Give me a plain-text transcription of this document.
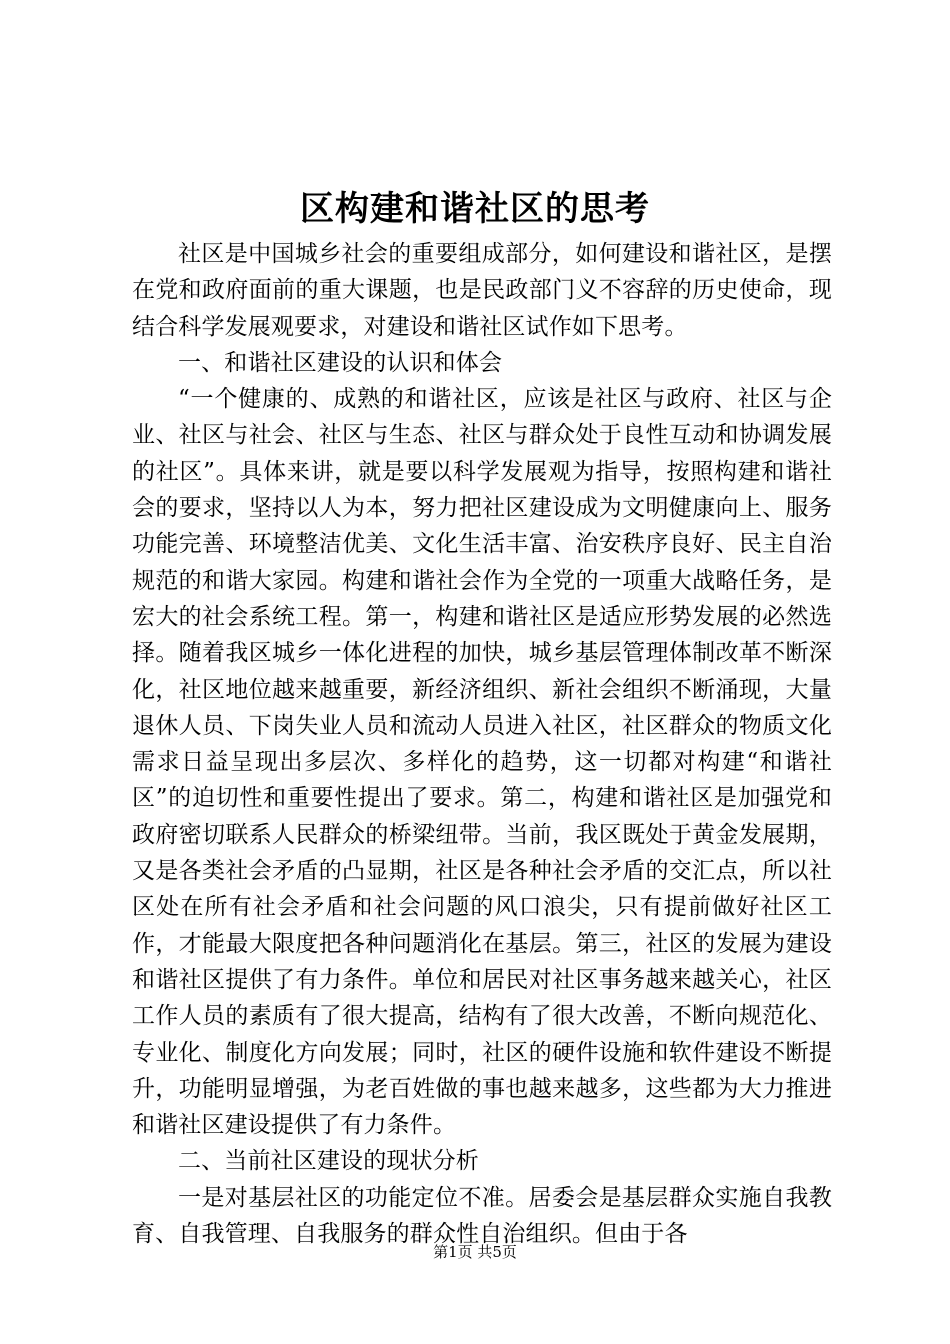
区构建和谐社区的思考

社区是中国城乡社会的重要组成部分，如何建设和谐社区，是摆在党和政府面前的重大课题，也是民政部门义不容辞的历史使命，现结合科学发展观要求，对建设和谐社区试作如下思考。

一、和谐社区建设的认识和体会

“一个健康的、成熟的和谐社区，应该是社区与政府、社区与企业、社区与社会、社区与生态、社区与群众处于良性互动和协调发展的社区”。具体来讲，就是要以科学发展观为指导，按照构建和谐社会的要求，坚持以人为本，努力把社区建设成为文明健康向上、服务功能完善、环境整洁优美、文化生活丰富、治安秩序良好、民主自治规范的和谐大家园。构建和谐社会作为全党的一项重大战略任务，是宏大的社会系统工程。第一，构建和谐社区是适应形势发展的必然选择。随着我区城乡一体化进程的加快，城乡基层管理体制改革不断深化，社区地位越来越重要，新经济组织、新社会组织不断涌现，大量退休人员、下岗失业人员和流动人员进入社区，社区群众的物质文化需求日益呈现出多层次、多样化的趋势，这一切都对构建“和谐社区”的迫切性和重要性提出了要求。第二，构建和谐社区是加强党和政府密切联系人民群众的桥梁纽带。当前，我区既处于黄金发展期，又是各类社会矛盾的凸显期，社区是各种社会矛盾的交汇点，所以社区处在所有社会矛盾和社会问题的风口浪尖，只有提前做好社区工作，才能最大限度把各种问题消化在基层。第三，社区的发展为建设和谐社区提供了有力条件。单位和居民对社区事务越来越关心，社区工作人员的素质有了很大提高，结构有了很大改善，不断向规范化、专业化、制度化方向发展；同时，社区的硬件设施和软件建设不断提升，功能明显增强，为老百姓做的事也越来越多，这些都为大力推进和谐社区建设提供了有力条件。

二、当前社区建设的现状分析

一是对基层社区的功能定位不准。居委会是基层群众实施自我教育、自我管理、自我服务的群众性自治组织。但由于各

第1页 共5页
